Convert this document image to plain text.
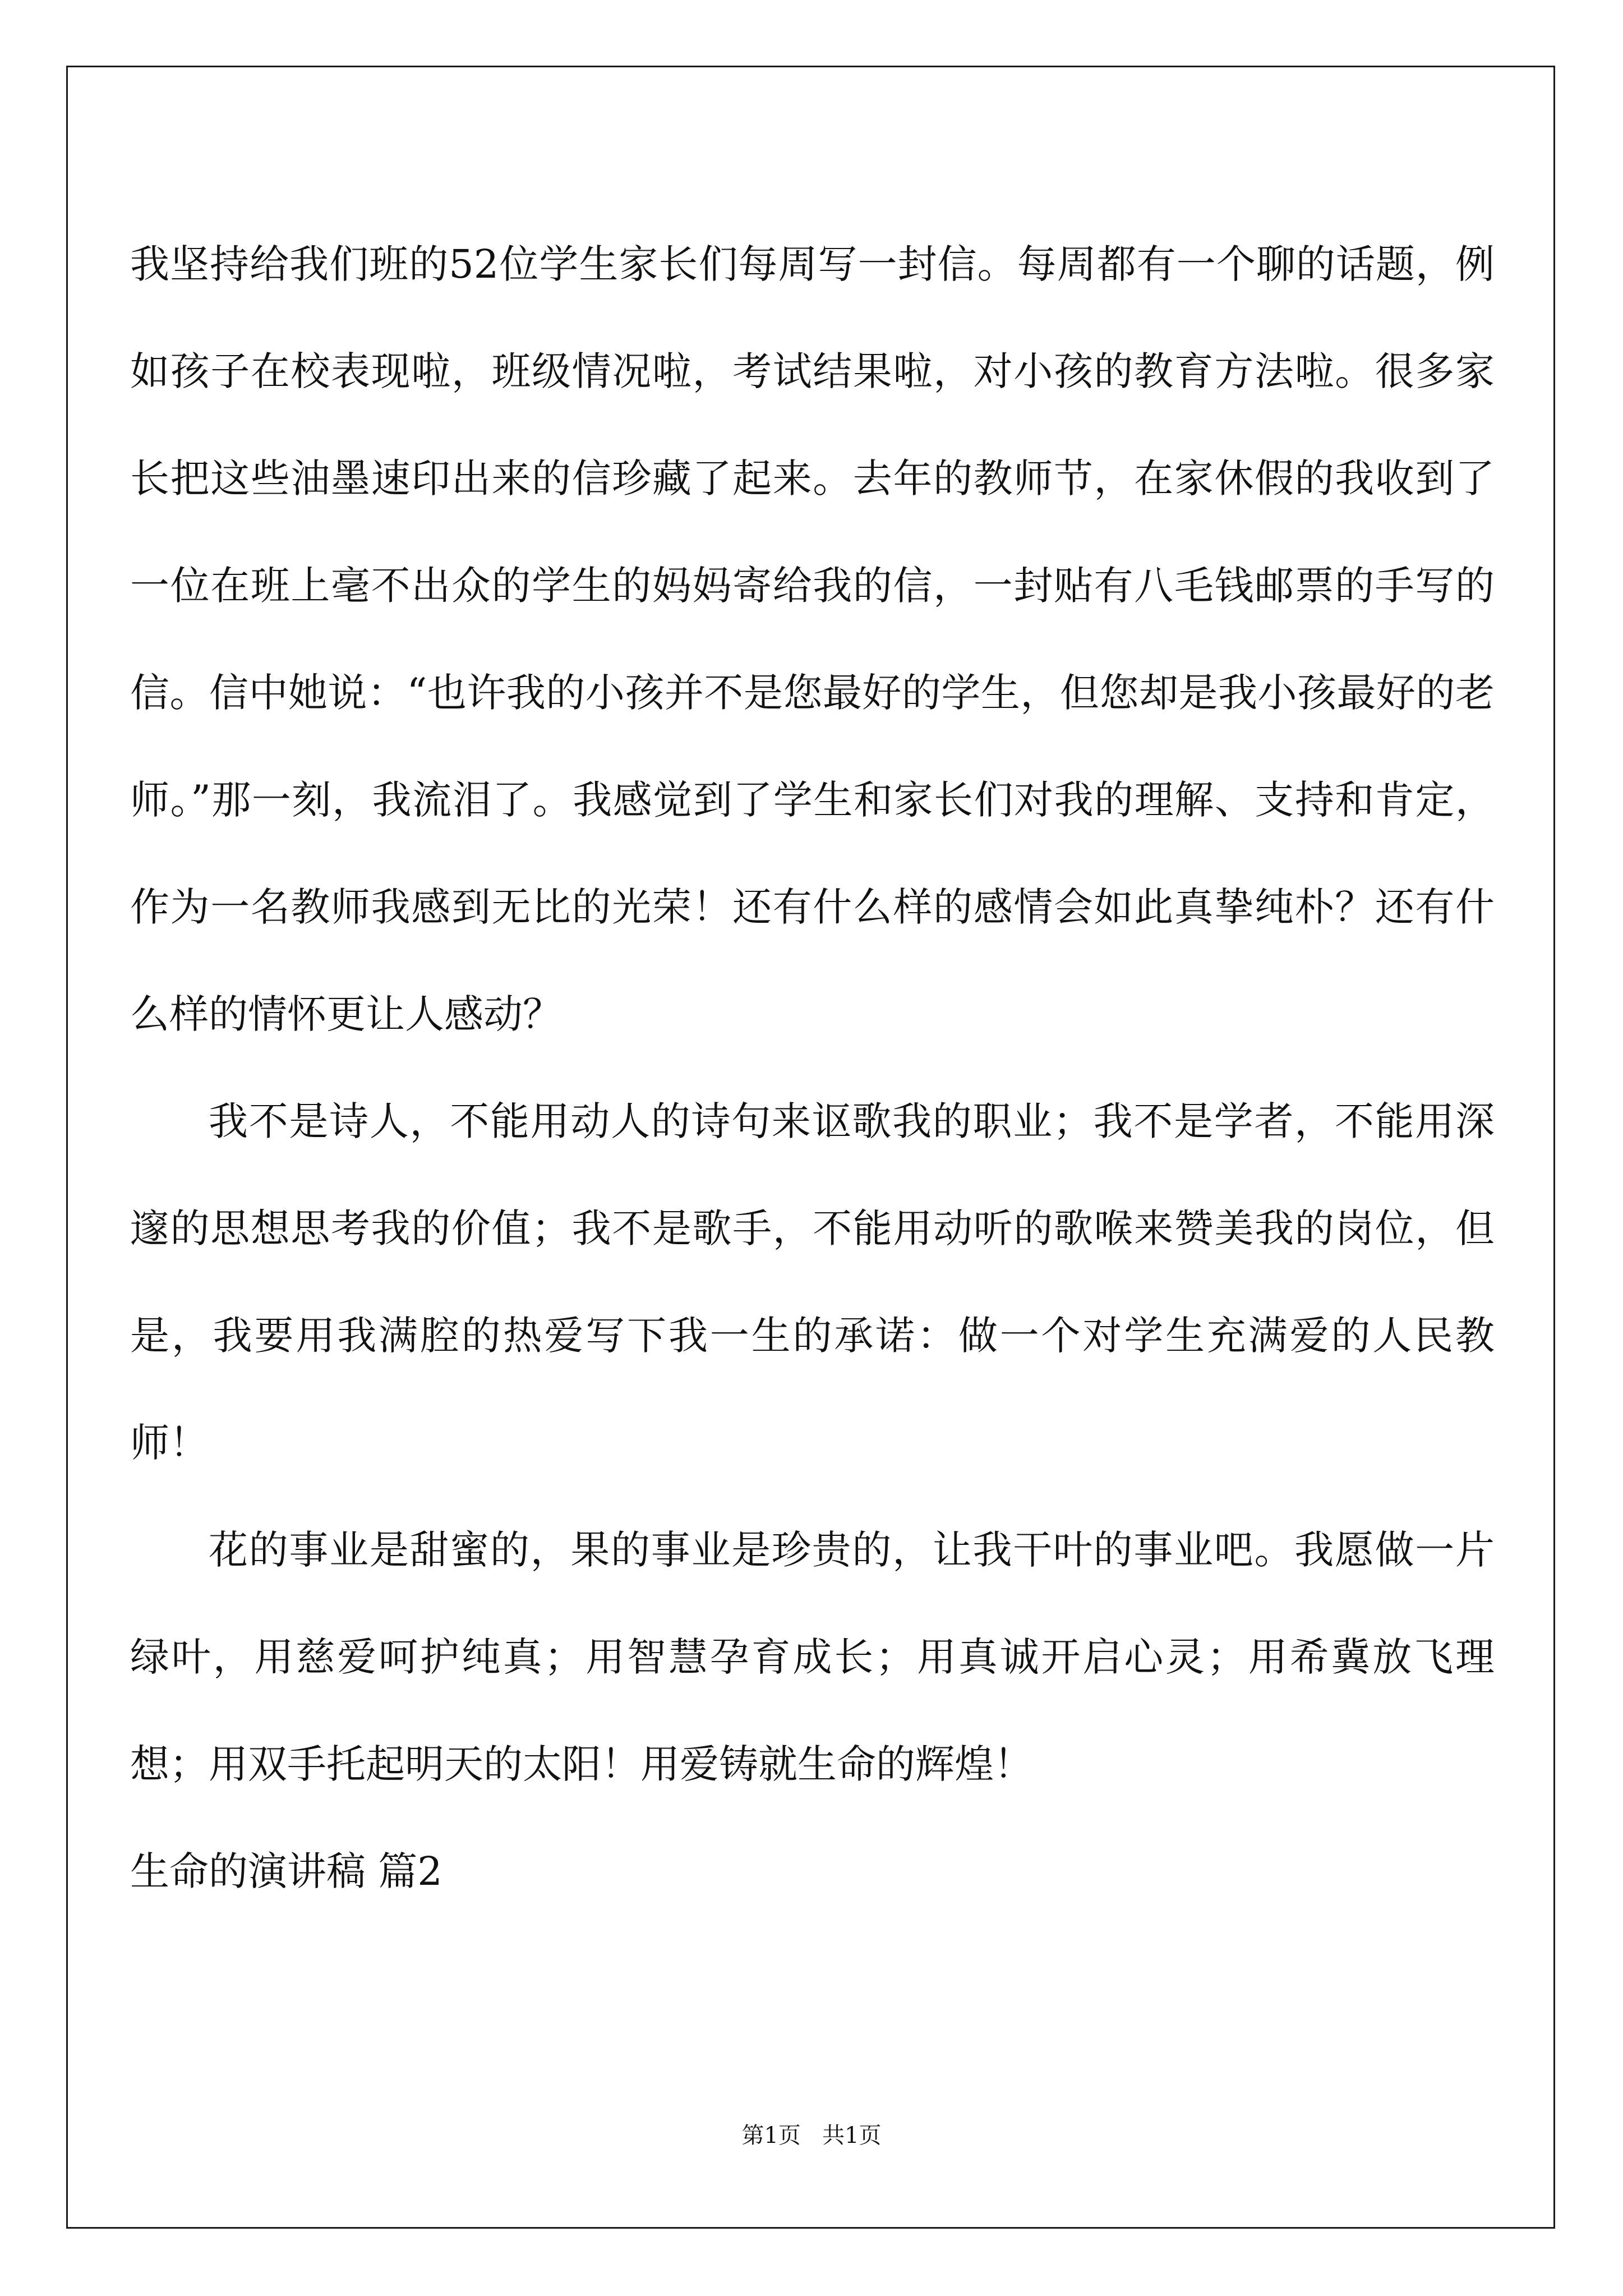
我坚持给我们班的52位学生家长们每周写一封信。每周都有一个聊的话题，例如孩子在校表现啦，班级情况啦，考试结果啦，对小孩的教育方法啦。很多家长把这些油墨速印出来的信珍藏了起来。去年的教师节，在家休假的我收到了一位在班上毫不出众的学生的妈妈寄给我的信，一封贴有八毛钱邮票的手写的信。信中她说：“也许我的小孩并不是您最好的学生，但您却是我小孩最好的老师。”那一刻，我流泪了。我感觉到了学生和家长们对我的理解、支持和肯定，作为一名教师我感到无比的光荣！还有什么样的感情会如此真挚纯朴？还有什么样的情怀更让人感动？

我不是诗人，不能用动人的诗句来讴歌我的职业；我不是学者，不能用深邃的思想思考我的价值；我不是歌手，不能用动听的歌喉来赞美我的岗位，但是，我要用我满腔的热爱写下我一生的承诺：做一个对学生充满爱的人民教师！

花的事业是甜蜜的，果的事业是珍贵的，让我干叶的事业吧。我愿做一片绿叶，用慈爱呵护纯真；用智慧孕育成长；用真诚开启心灵；用希冀放飞理想；用双手托起明天的太阳！用爱铸就生命的辉煌！

生命的演讲稿 篇2

第1页 共1页
